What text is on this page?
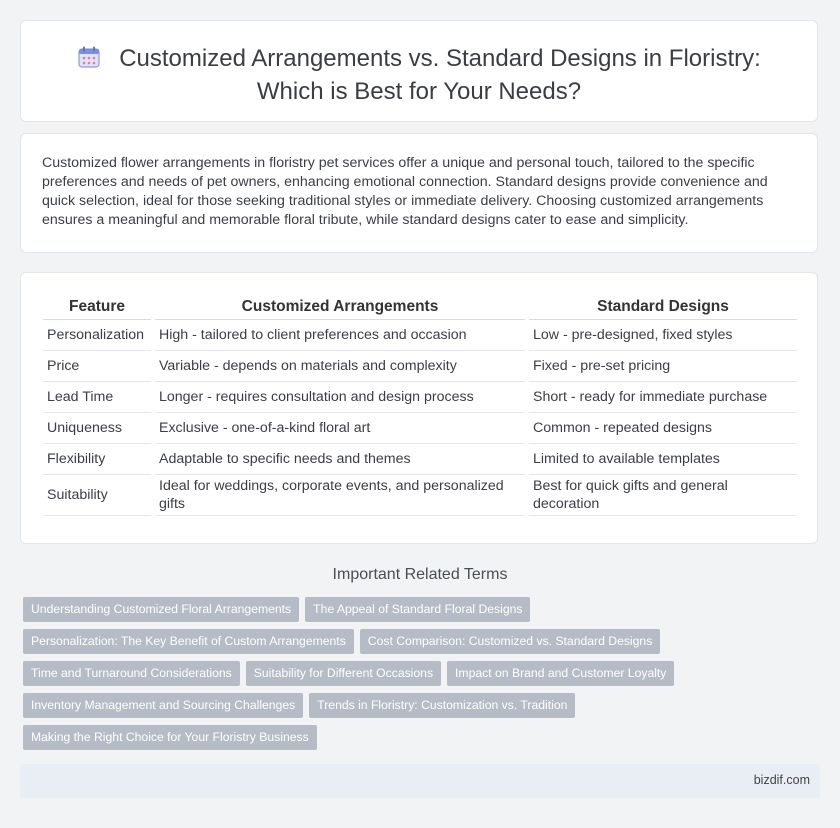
Customized Arrangements vs. Standard Designs in Floristry:
Which is Best for Your Needs?
Customized flower arrangements in floristry pet services offer a unique and personal touch, tailored to the specific preferences and needs of pet owners, enhancing emotional connection. Standard designs provide convenience and quick selection, ideal for those seeking traditional styles or immediate delivery. Choosing customized arrangements ensures a meaningful and memorable floral tribute, while standard designs cater to ease and simplicity.
Feature		Customized Arrangements		Standard Designs
Personalization		High - tailored to client preferences and occasion		Low - pre-designed, fixed styles
Price		Variable - depends on materials and complexity		Fixed - pre-set pricing
Lead Time		Longer - requires consultation and design process		Short - ready for immediate purchase
Uniqueness		Exclusive - one-of-a-kind floral art		Common - repeated designs
Flexibility		Adaptable to specific needs and themes		Limited to available templates
Suitability		Ideal for weddings, corporate events, and personalized gifts		Best for quick gifts and general decoration
Important Related Terms
Understanding Customized Floral Arrangements The Appeal of Standard Floral Designs
Personalization: The Key Benefit of Custom Arrangements Cost Comparison: Customized vs. Standard Designs
Time and Turnaround Considerations Suitability for Different Occasions Impact on Brand and Customer Loyalty
Inventory Management and Sourcing Challenges Trends in Floristry: Customization vs. Tradition
Making the Right Choice for Your Floristry Business
bizdif.com
